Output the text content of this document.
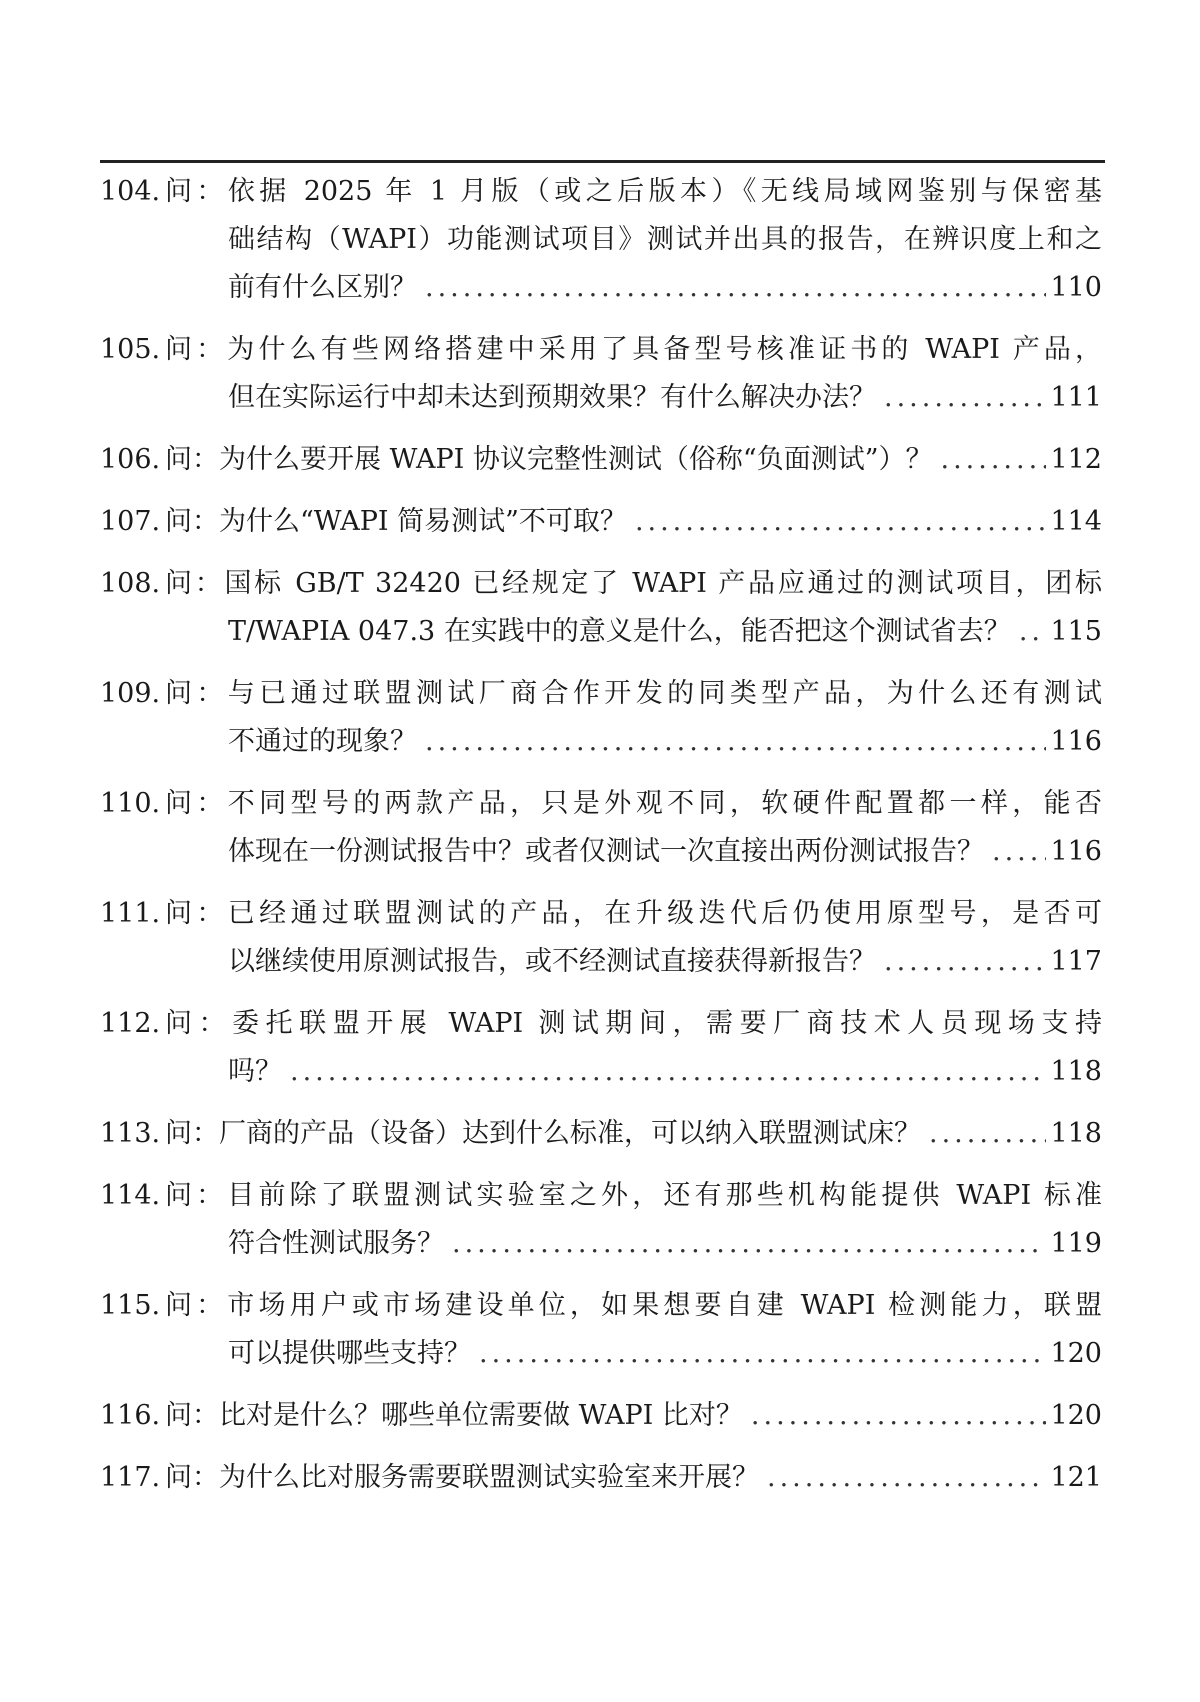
104. 问：依据 2025 年 1 月版（或之后版本）《无线局域网鉴别与保密基
础结构（WAPI）功能测试项目》测试并出具的报告，在辨识度上和之
前有什么区别？ .....	110
105. 问：为什么有些网络搭建中采用了具备型号核准证书的 WAPI 产品，
但在实际运行中却未达到预期效果？有什么解决办法？ .....	111
106. 问：为什么要开展 WAPI 协议完整性测试（俗称“负面测试”）？ .....	112
107. 问：为什么“WAPI 简易测试”不可取？ .....	114
108. 问：国标 GB/T 32420 已经规定了 WAPI 产品应通过的测试项目，团标
T/WAPIA 047.3 在实践中的意义是什么，能否把这个测试省去？ ..... 115
109. 问：与已通过联盟测试厂商合作开发的同类型产品，为什么还有测试
不通过的现象？ .....	116
110. 问：不同型号的两款产品，只是外观不同，软硬件配置都一样，能否
体现在一份测试报告中？或者仅测试一次直接出两份测试报告？ ..... 116
111. 问：已经通过联盟测试的产品，在升级迭代后仍使用原型号，是否可
以继续使用原测试报告，或不经测试直接获得新报告？ .....	117
112. 问：委托联盟开展 WAPI 测试期间，需要厂商技术人员现场支持
吗？ .....	118
113. 问：厂商的产品（设备）达到什么标准，可以纳入联盟测试床？ .....	118
114. 问：目前除了联盟测试实验室之外，还有那些机构能提供 WAPI 标准
符合性测试服务？ .....	119
115. 问：市场用户或市场建设单位，如果想要自建 WAPI 检测能力，联盟
可以提供哪些支持？ .....	120
116. 问：比对是什么？哪些单位需要做 WAPI 比对？ .....	120
117. 问：为什么比对服务需要联盟测试实验室来开展？ .....	121
